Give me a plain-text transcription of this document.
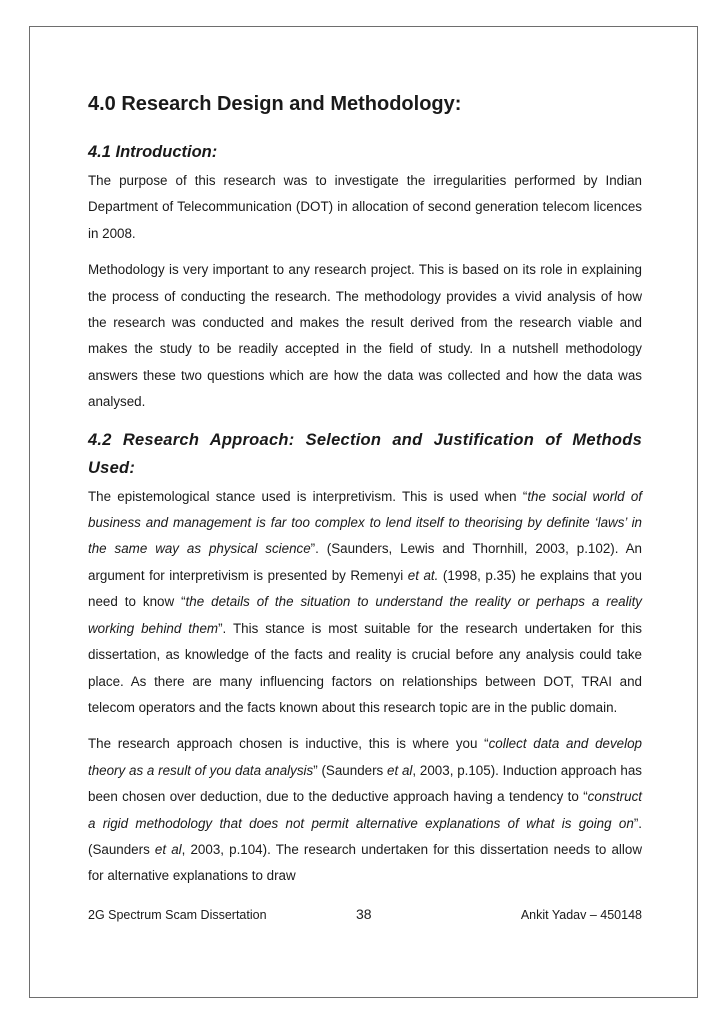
4.0 Research Design and Methodology:
4.1 Introduction:

The purpose of this research was to investigate the irregularities performed by Indian Department of Telecommunication (DOT) in allocation of second generation telecom licences in 2008.

Methodology is very important to any research project. This is based on its role in explaining the process of conducting the research. The methodology provides a vivid analysis of how the research was conducted and makes the result derived from the research viable and makes the study to be readily accepted in the field of study. In a nutshell methodology answers these two questions which are how the data was collected and how the data was analysed.

4.2 Research Approach: Selection and Justification of Methods Used:

The epistemological stance used is interpretivism. This is used when “the social world of business and management is far too complex to lend itself to theorising by definite ‘laws’ in the same way as physical science”. (Saunders, Lewis and Thornhill, 2003, p.102). An argument for interpretivism is presented by Remenyi et at. (1998, p.35) he explains that you need to know “the details of the situation to understand the reality or perhaps a reality working behind them”. This stance is most suitable for the research undertaken for this dissertation, as knowledge of the facts and reality is crucial before any analysis could take place. As there are many influencing factors on relationships between DOT, TRAI and telecom operators and the facts known about this research topic are in the public domain.

The research approach chosen is inductive, this is where you “collect data and develop theory as a result of you data analysis” (Saunders et al, 2003, p.105). Induction approach has been chosen over deduction, due to the deductive approach having a tendency to “construct a rigid methodology that does not permit alternative explanations of what is going on”. (Saunders et al, 2003, p.104). The research undertaken for this dissertation needs to allow for alternative explanations to draw

2G Spectrum Scam Dissertation	38	Ankit Yadav – 450148
